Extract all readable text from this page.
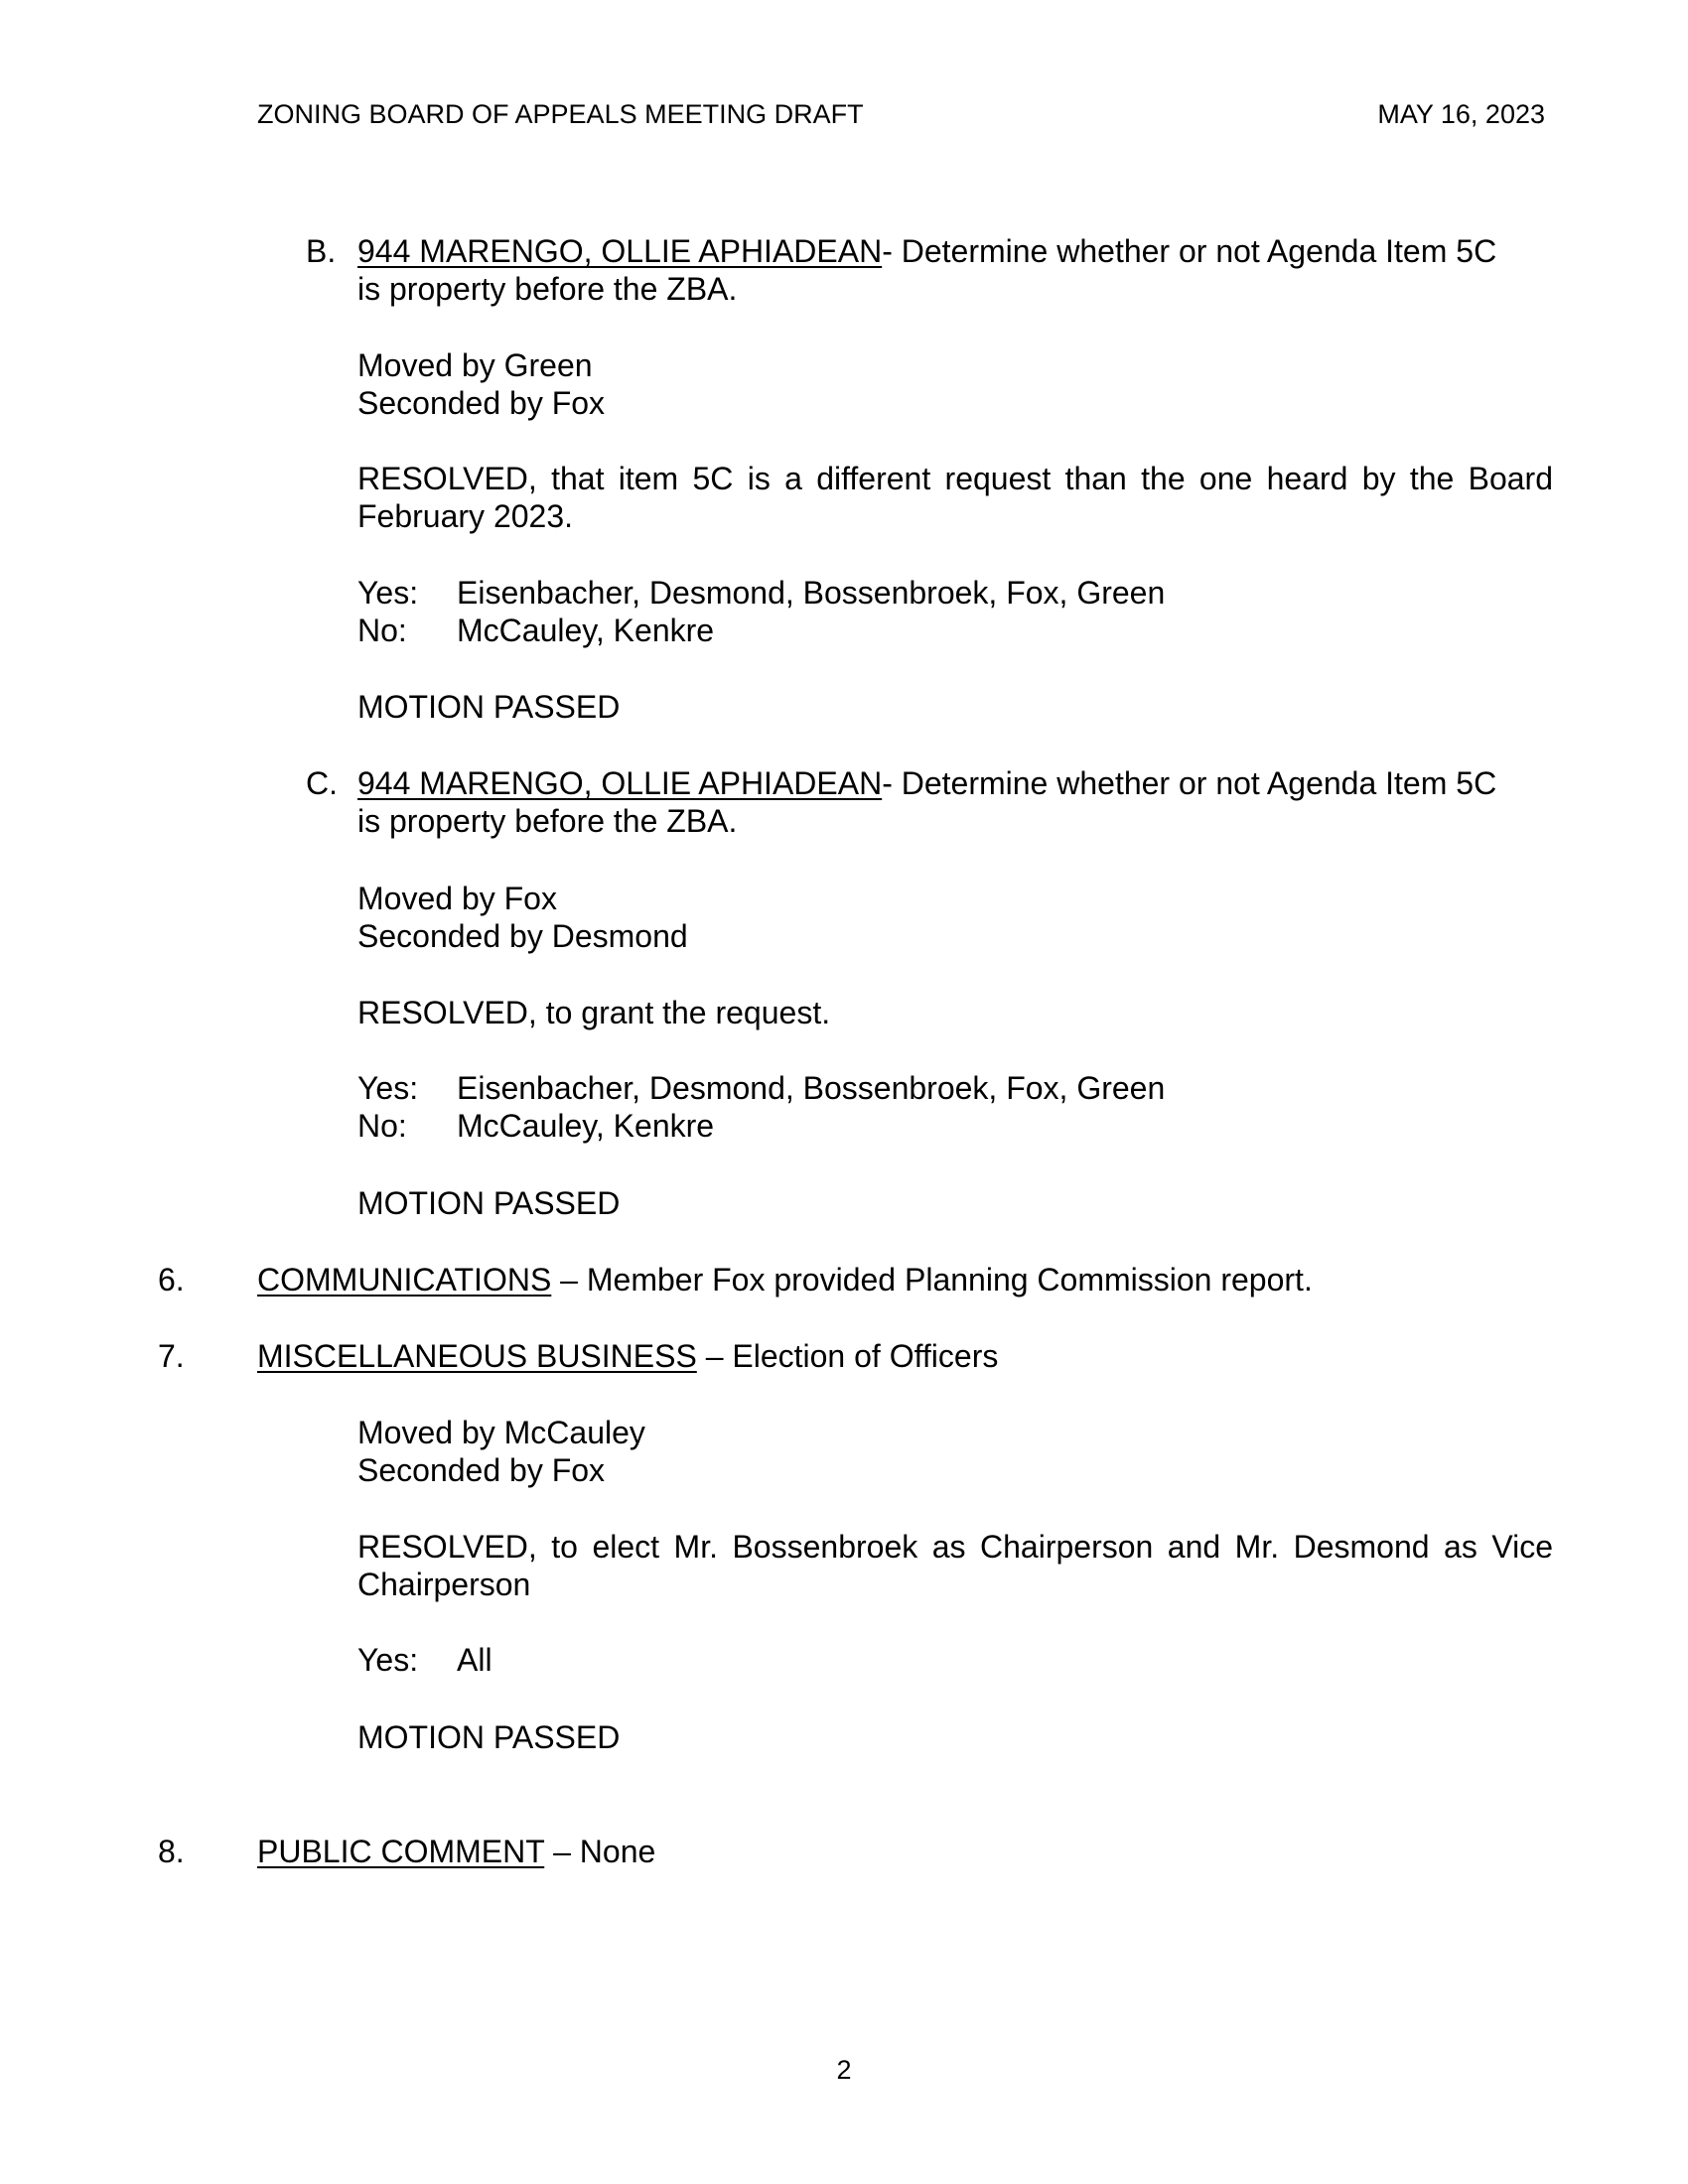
ZONING BOARD OF APPEALS MEETING DRAFT	MAY 16, 2023
B. 944 MARENGO, OLLIE APHIADEAN- Determine whether or not Agenda Item 5C
is property before the ZBA.
Moved by Green
Seconded by Fox
RESOLVED, that item 5C is a different request than the one heard by the Board February 2023.
Yes: Eisenbacher, Desmond, Bossenbroek, Fox, Green
No: McCauley, Kenkre
MOTION PASSED
C. 944 MARENGO, OLLIE APHIADEAN- Determine whether or not Agenda Item 5C
is property before the ZBA.
Moved by Fox
Seconded by Desmond
RESOLVED, to grant the request.
Yes: Eisenbacher, Desmond, Bossenbroek, Fox, Green
No: McCauley, Kenkre
MOTION PASSED
6. COMMUNICATIONS – Member Fox provided Planning Commission report.
7. MISCELLANEOUS BUSINESS – Election of Officers
Moved by McCauley
Seconded by Fox
RESOLVED, to elect Mr. Bossenbroek as Chairperson and Mr. Desmond as Vice Chairperson
Yes: All
MOTION PASSED
8. PUBLIC COMMENT – None
2
